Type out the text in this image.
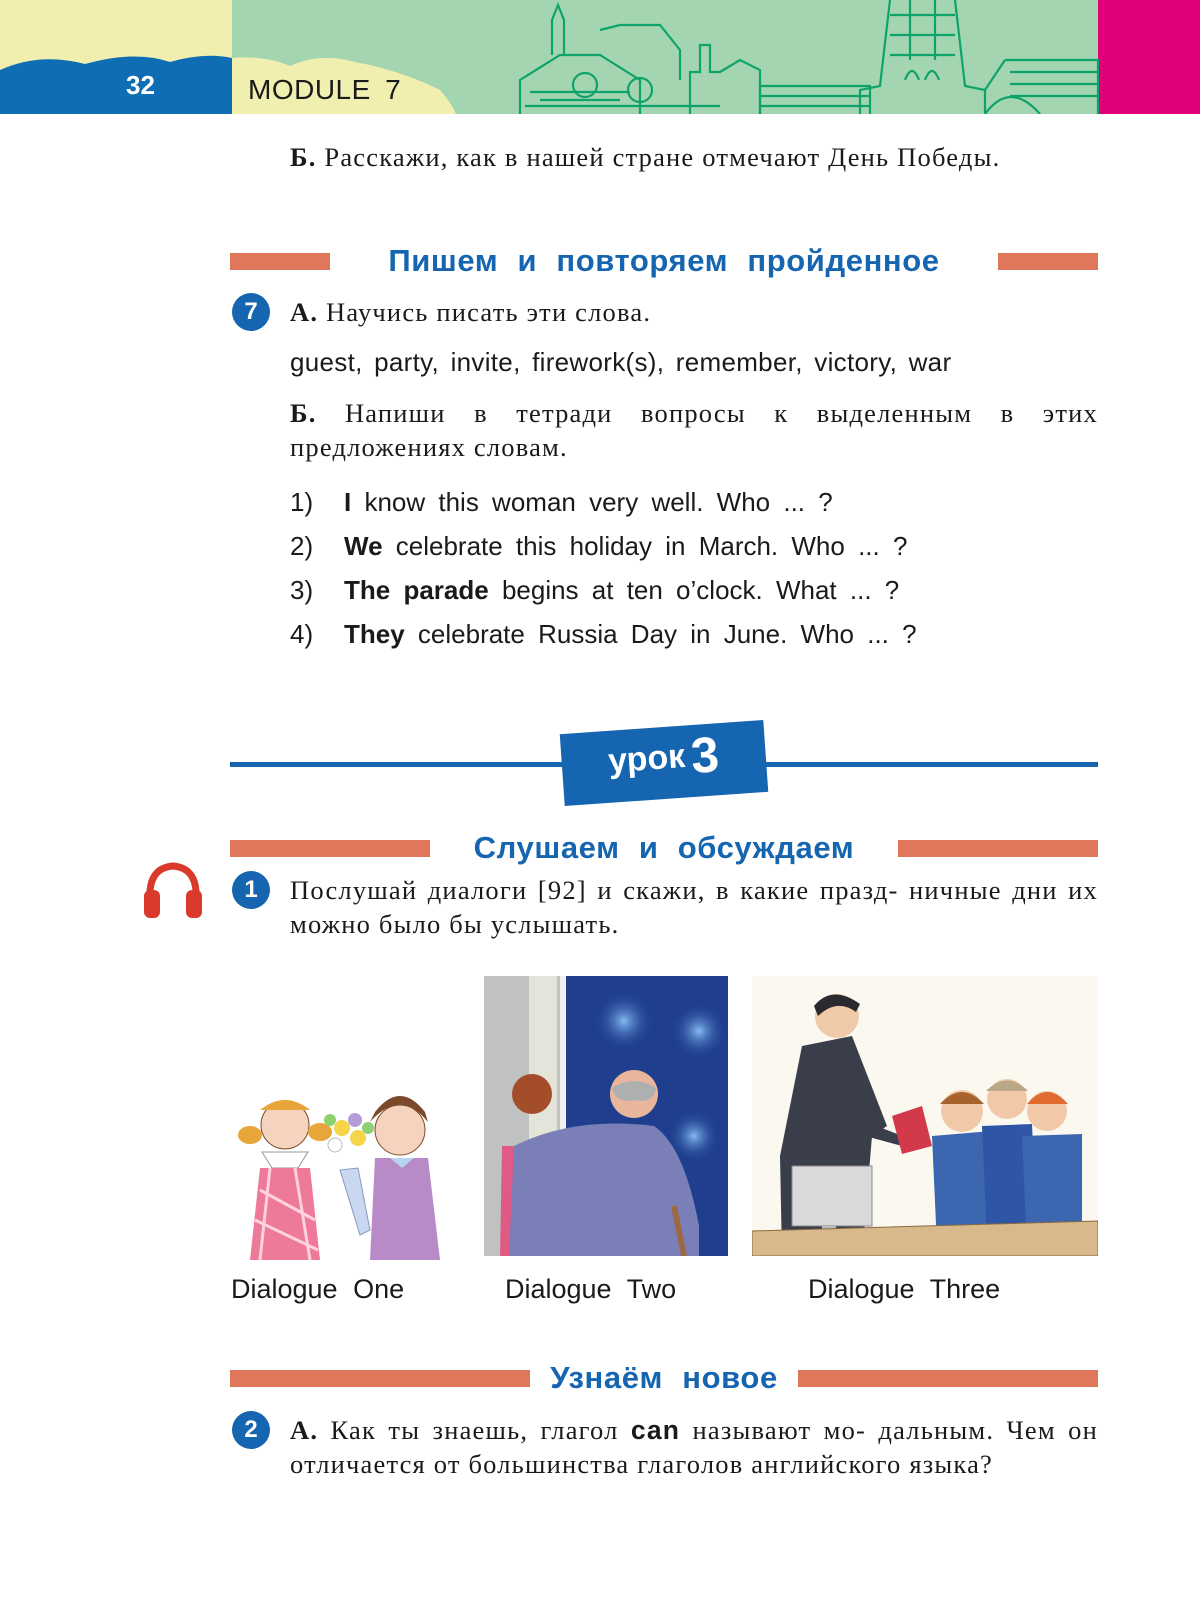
32	MODULE 7
Б. Расскажи, как в нашей стране отмечают День Победы.
Пишем и повторяем пройденное
7	А. Научись писать эти слова.
guest, party, invite, firework(s), remember, victory, war
Б. Напиши в тетради вопросы к выделенным в этих предложениях словам.
1) I know this woman very well. Who ... ?
2) We celebrate this holiday in March. Who ... ?
3) The parade begins at ten o’clock. What ... ?
4) They celebrate Russia Day in June. Who ... ?
урок3
Слушаем и обсуждаем
1	Послушай диалоги [92] и скажи, в какие празд- ничные дни их можно было бы услышать.
Dialogue One	Dialogue Two	Dialogue Three
Узнаём новое
2	А. Как ты знаешь, глагол can называют мо- дальным. Чем он отличается от большинства глаголов английского языка?
